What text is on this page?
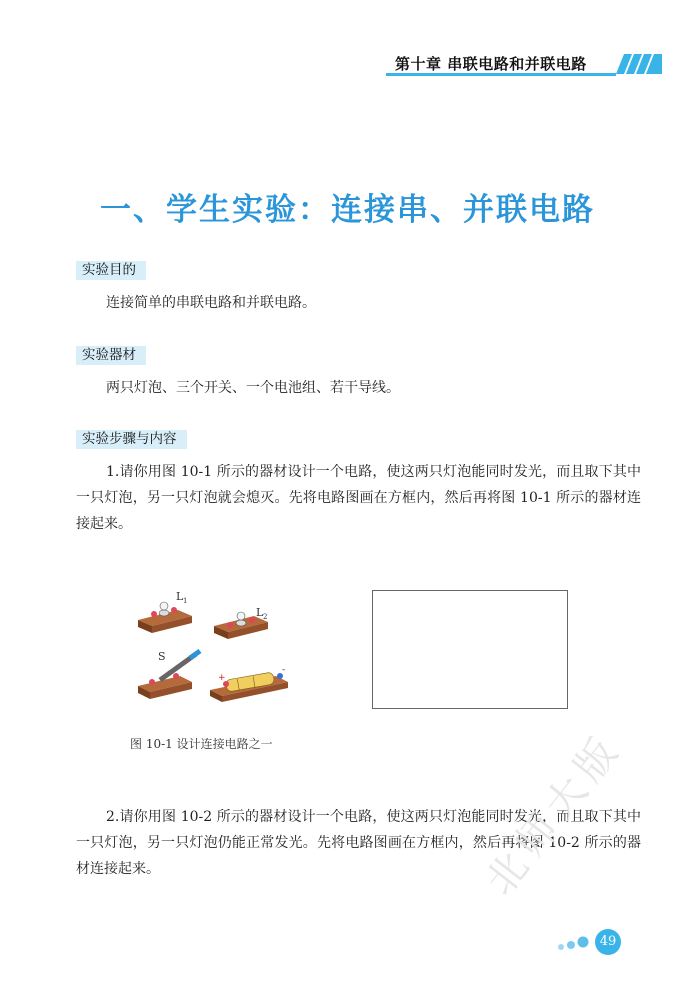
第十章 串联电路和并联电路
一、学生实验：连接串、并联电路
实验目的
连接简单的串联电路和并联电路。
实验器材
两只灯泡、三个开关、一个电池组、若干导线。
实验步骤与内容
1.请你用图 10-1 所示的器材设计一个电路，使这两只灯泡能同时发光，而且取下其中一只灯泡，另一只灯泡就会熄灭。先将电路图画在方框内，然后再将图 10-1 所示的器材连接起来。
L 1
L 2
S
+
-
图 10-1 设计连接电路之一
2.请你用图 10-2 所示的器材设计一个电路，使这两只灯泡能同时发光，而且取下其中一只灯泡，另一只灯泡仍能正常发光。先将电路图画在方框内，然后再将图 10-2 所示的器材连接起来。	北师大版
49
